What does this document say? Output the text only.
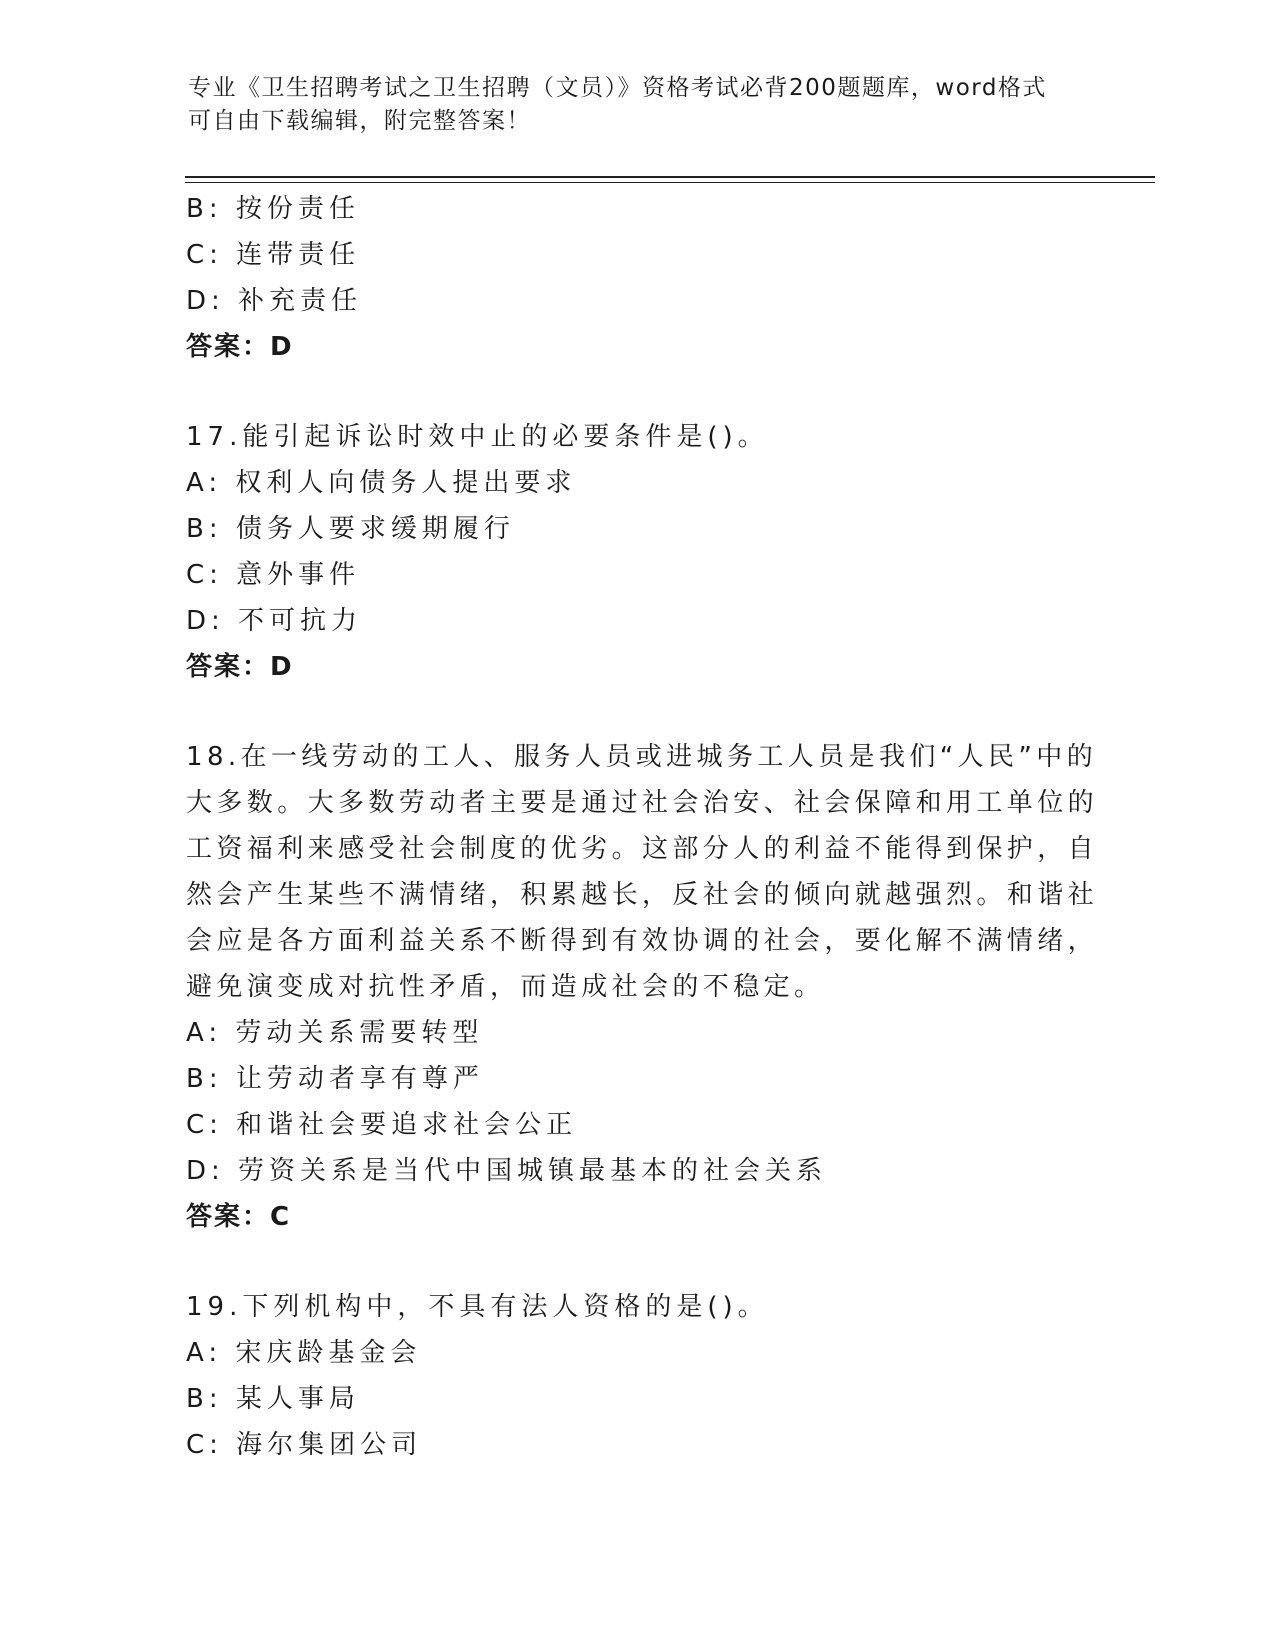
专业《卫生招聘考试之卫生招聘（文员）》资格考试必背200题题库，word格式
可自由下载编辑，附完整答案！
B: 按份责任
C: 连带责任
D: 补充责任
答案：D
17.能引起诉讼时效中止的必要条件是()。
A: 权利人向债务人提出要求
B: 债务人要求缓期履行
C: 意外事件
D: 不可抗力
答案：D
18.在一线劳动的工人、服务人员或进城务工人员是我们“人民”中的
大多数。大多数劳动者主要是通过社会治安、社会保障和用工单位的
工资福利来感受社会制度的优劣。这部分人的利益不能得到保护，自
然会产生某些不满情绪，积累越长，反社会的倾向就越强烈。和谐社
会应是各方面利益关系不断得到有效协调的社会，要化解不满情绪，
避免演变成对抗性矛盾，而造成社会的不稳定。
A: 劳动关系需要转型
B: 让劳动者享有尊严
C: 和谐社会要追求社会公正
D: 劳资关系是当代中国城镇最基本的社会关系
答案：C
19.下列机构中，不具有法人资格的是()。
A: 宋庆龄基金会
B: 某人事局
C: 海尔集团公司
